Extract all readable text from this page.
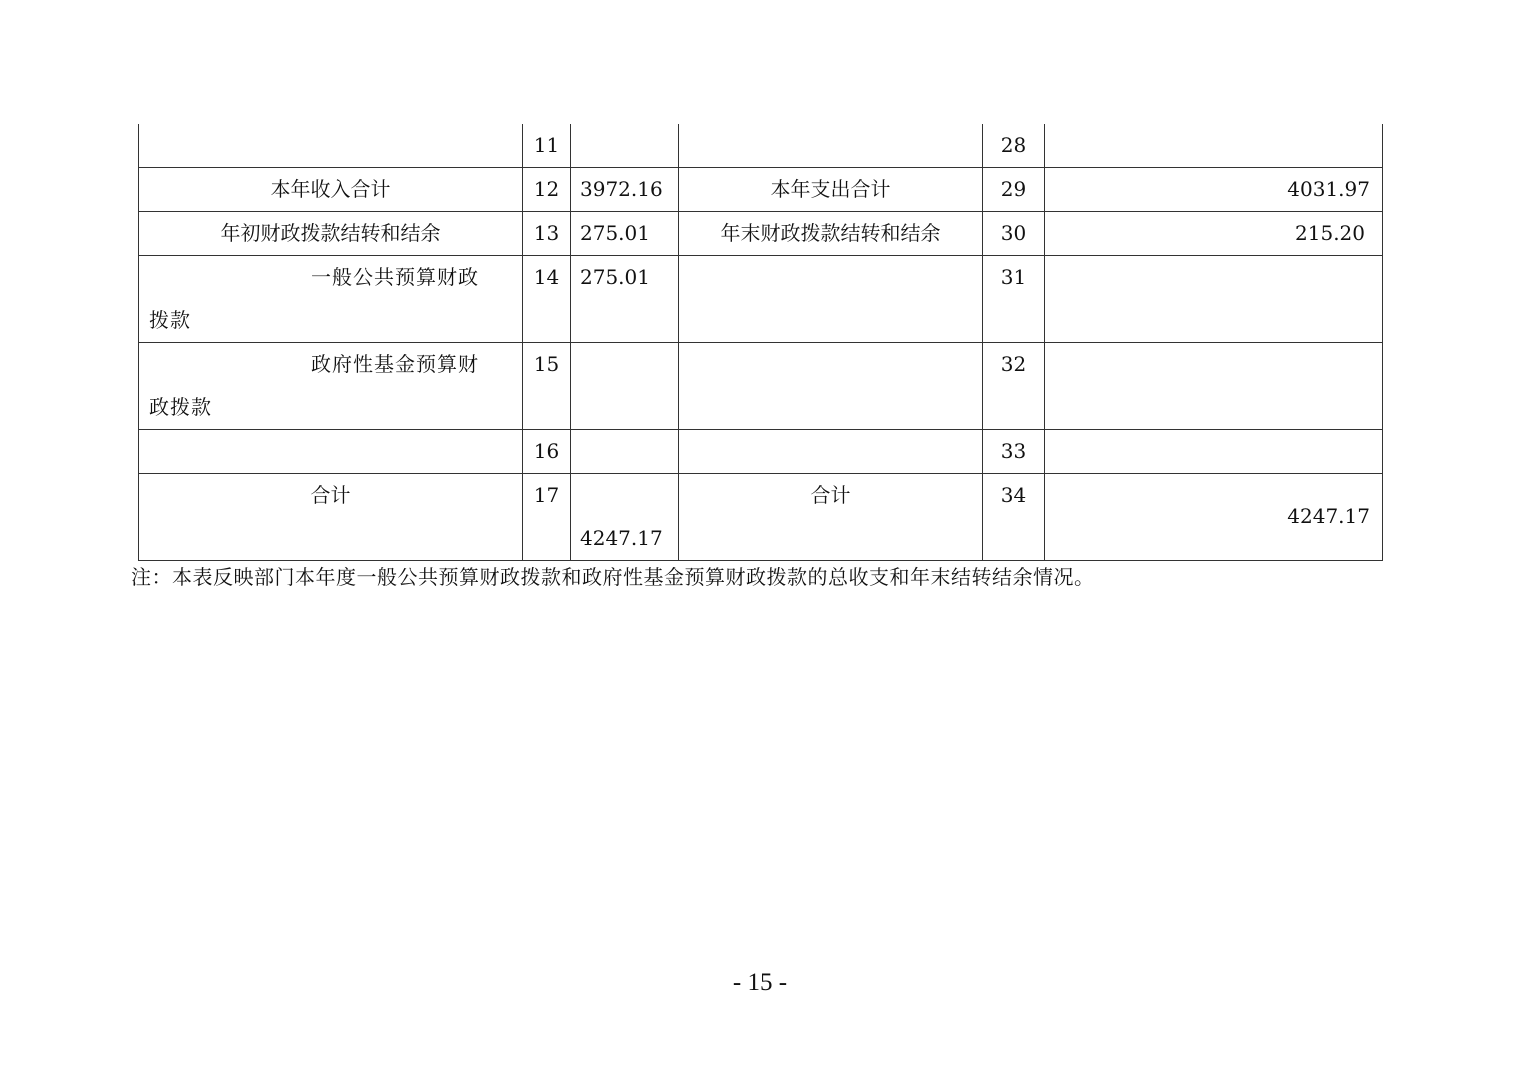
	11			28	
本年收入合计	12	3972.16	本年支出合计	29	4031.97
年初财政拨款结转和结余	13	275.01	年末财政拨款结转和结余	30	215.20
一般公共预算财政拨款	14	275.01		31	
政府性基金预算财政拨款	15			32	
	16			33	
合计	17	4247.17	合计	34	4247.17
注：本表反映部门本年度一般公共预算财政拨款和政府性基金预算财政拨款的总收支和年末结转结余情况。
- 15 -
